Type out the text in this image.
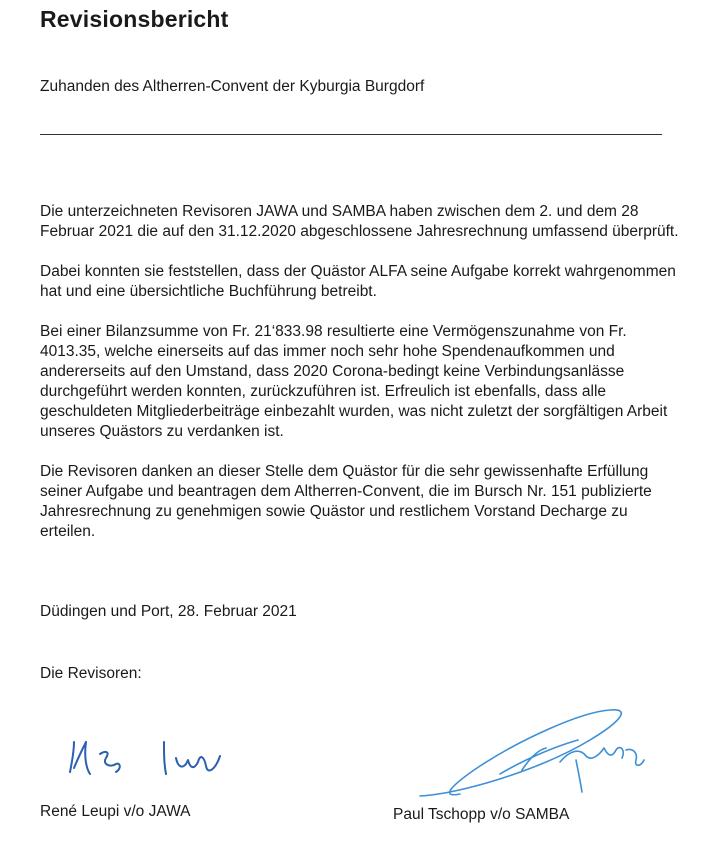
Revisionsbericht
Zuhanden des Altherren-Convent der Kyburgia Burgdorf

Die unterzeichneten Revisoren JAWA und SAMBA haben zwischen dem 2. und dem 28 Februar 2021 die auf den 31.12.2020 abgeschlossene Jahresrechnung umfassend überprüft.

Dabei konnten sie feststellen, dass der Quästor ALFA seine Aufgabe korrekt wahrgenommen hat und eine übersichtliche Buchführung betreibt.

Bei einer Bilanzsumme von Fr. 21‘833.98 resultierte eine Vermögenszunahme von Fr. 4013.35, welche einerseits auf das immer noch sehr hohe Spendenaufkommen und andererseits auf den Umstand, dass 2020 Corona-bedingt keine Verbindungsanlässe durchgeführt werden konnten, zurückzuführen ist. Erfreulich ist ebenfalls, dass alle geschuldeten Mitgliederbeiträge einbezahlt wurden, was nicht zuletzt der sorgfältigen Arbeit unseres Quästors zu verdanken ist.

Die Revisoren danken an dieser Stelle dem Quästor für die sehr gewissenhafte Erfüllung seiner Aufgabe und beantragen dem Altherren-Convent, die im Bursch Nr. 151 publizierte Jahresrechnung zu genehmigen sowie Quästor und restlichem Vorstand Decharge zu erteilen.

Düdingen und Port, 28. Februar 2021
Die Revisoren:
René Leupi v/o JAWA	Paul Tschopp v/o SAMBA
